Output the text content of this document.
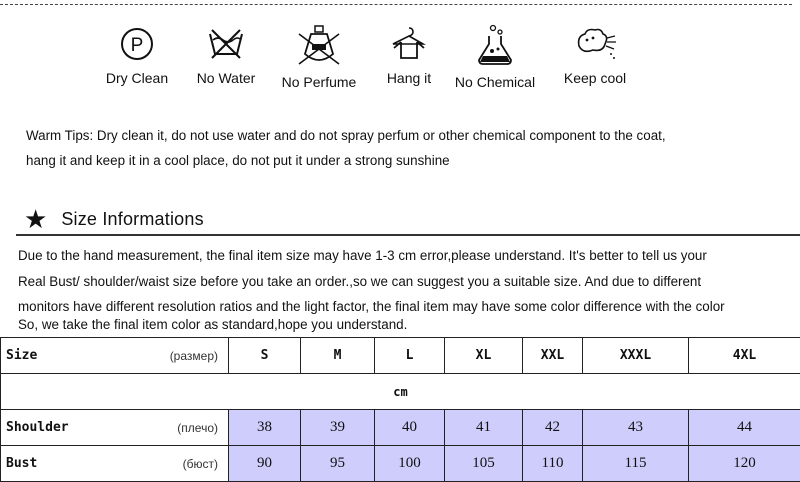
P
Dry Clean	No Water	No Perfume	Hang it	No Chemical	Keep cool
Warm Tips: Dry clean it, do not use water and do not spray perfum or other chemical component to the coat,
hang it and keep it in a cool place, do not put it under a strong sunshine
★ Size Informations
Due to the hand measurement, the final item size may have 1-3 cm error,please understand. It's better to tell us your
Real Bust/ shoulder/waist size before you take an order.,so we can suggest you a suitable size. And due to different
monitors have different resolution ratios and the light factor, the final item may have some color difference with the color
So, we take the final item color as standard,hope you understand.
Size (размер)	S	M	L	XL	XXL	XXXL	4XL
cm							
Shoulder (плечо)	38	39	40	41	42	43	44
Bust (бюст)	90	95	100	105	110	115	120
